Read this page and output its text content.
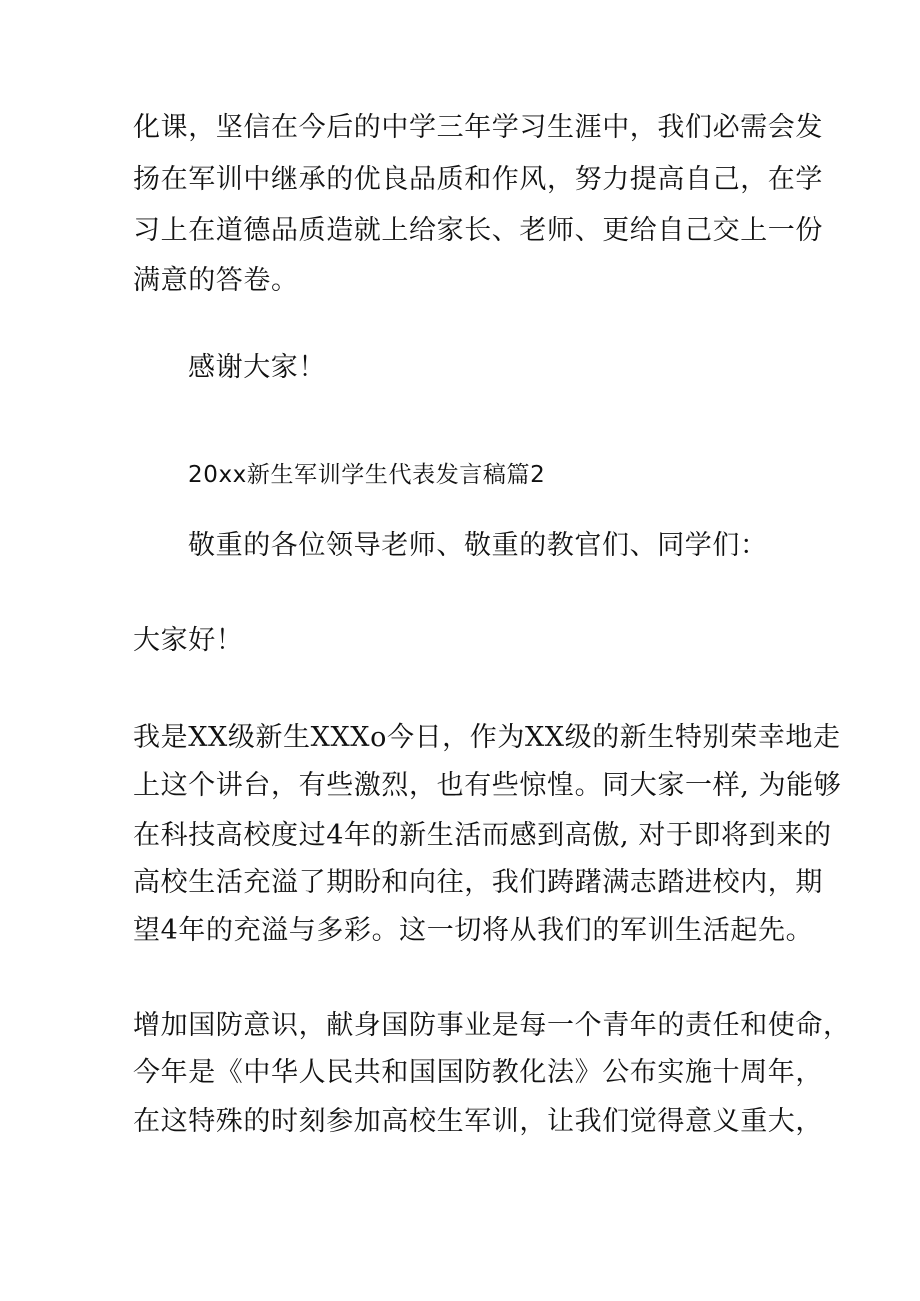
化课，坚信在今后的中学三年学习生涯中，我们必需会发
扬在军训中继承的优良品质和作风，努力提高自己，在学
习上在道德品质造就上给家长、老师、更给自己交上一份
满意的答卷。
感谢大家！
20xx新生军训学生代表发言稿篇2
敬重的各位领导老师、敬重的教官们、同学们：
大家好！
我是XX级新生XXXo今日，作为XX级的新生特别荣幸地走
上这个讲台，有些激烈，也有些惊惶。同大家一样, 为能够
在科技高校度过4年的新生活而感到高傲, 对于即将到来的
高校生活充溢了期盼和向往，我们踌躇满志踏进校内，期
望4年的充溢与多彩。这一切将从我们的军训生活起先。
增加国防意识，献身国防事业是每一个青年的责任和使命，
今年是《中华人民共和国国防教化法》公布实施十周年，
在这特殊的时刻参加高校生军训，让我们觉得意义重大，
